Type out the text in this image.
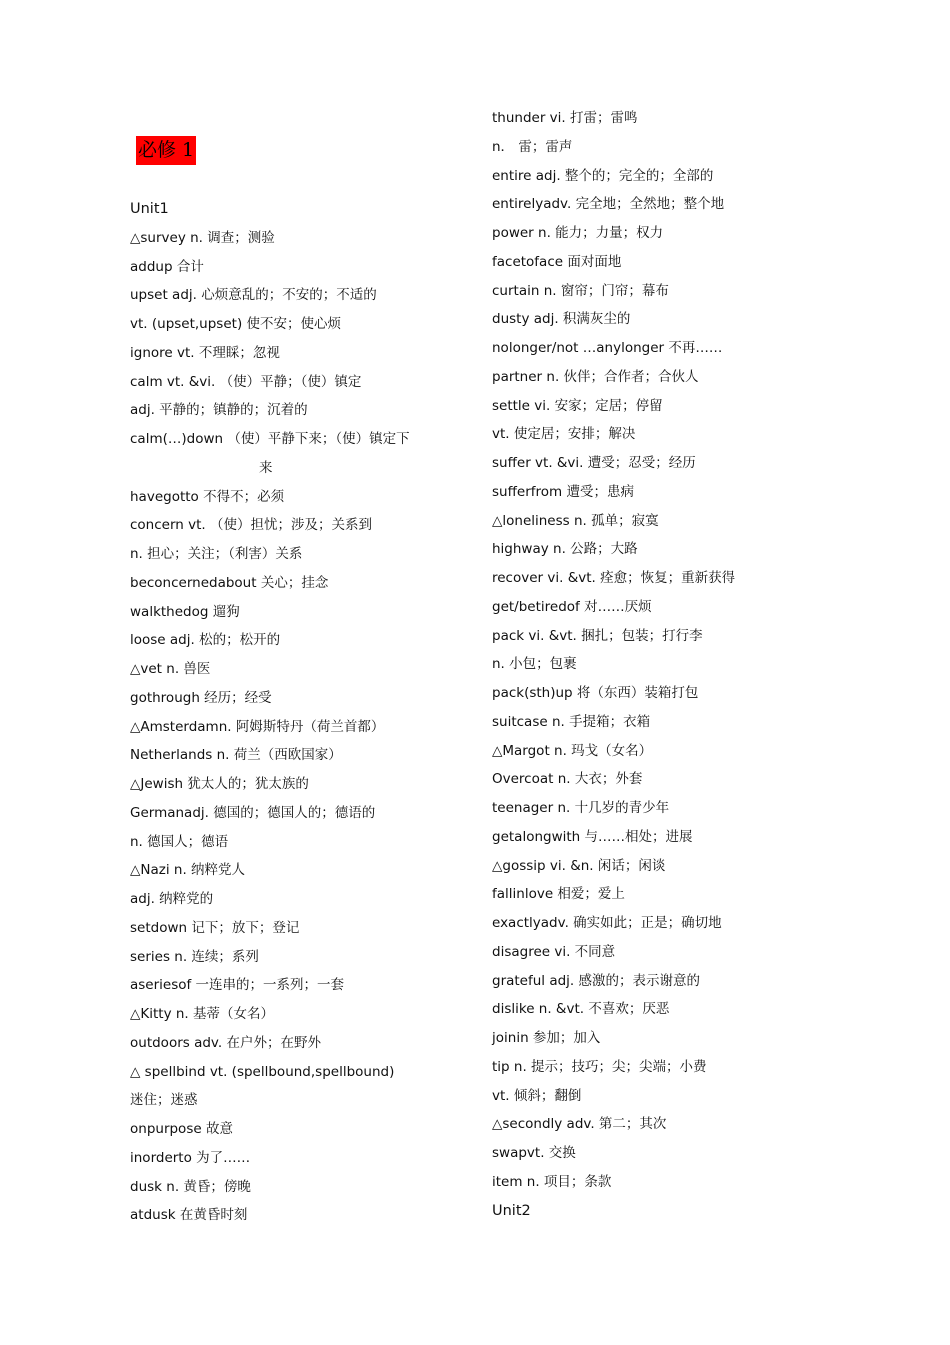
必修 1
Unit1
△survey n. 调查；测验
addup 合计
upset adj. 心烦意乱的；不安的；不适的
vt. (upset,upset) 使不安；使心烦
ignore vt. 不理睬；忽视
calm vt. &vi. （使）平静；（使）镇定
adj. 平静的；镇静的；沉着的
calm(…)down （使）平静下来；（使）镇定下
来
havegotto 不得不；必须
concern vt. （使）担忧；涉及；关系到
n. 担心；关注；（利害）关系
beconcernedabout 关心；挂念
walkthedog 遛狗
loose adj. 松的；松开的
△vet n. 兽医
gothrough 经历；经受
△Amsterdamn. 阿姆斯特丹（荷兰首都）
Netherlands n. 荷兰（西欧国家）
△Jewish 犹太人的；犹太族的
Germanadj. 德国的；德国人的；德语的
n. 德国人；德语
△Nazi n. 纳粹党人
adj. 纳粹党的
setdown 记下；放下；登记
series n. 连续；系列
aseriesof 一连串的；一系列；一套
△Kitty n. 基蒂（女名）
outdoors adv. 在户外；在野外
△ spellbind vt. (spellbound,spellbound)
迷住；迷惑
onpurpose 故意
inorderto 为了……
dusk n. 黄昏；傍晚
atdusk 在黄昏时刻
thunder vi. 打雷；雷鸣
n． 雷；雷声
entire adj. 整个的；完全的；全部的
entirelyadv. 完全地；全然地；整个地
power n. 能力；力量；权力
facetoface 面对面地
curtain n. 窗帘；门帘；幕布
dusty adj. 积满灰尘的
nolonger/not …anylonger 不再……
partner n. 伙伴；合作者；合伙人
settle vi. 安家；定居；停留
vt. 使定居；安排；解决
suffer vt. &vi. 遭受；忍受；经历
sufferfrom 遭受；患病
△loneliness n. 孤单；寂寞
highway n. 公路；大路
recover vi. &vt. 痊愈；恢复；重新获得
get/betiredof 对……厌烦
pack vi. &vt. 捆扎；包装；打行李
n. 小包；包裹
pack(sth)up 将（东西）装箱打包
suitcase n. 手提箱；衣箱
△Margot n. 玛戈（女名）
Overcoat n. 大衣；外套
teenager n. 十几岁的青少年
getalongwith 与……相处；进展
△gossip vi. &n. 闲话；闲谈
fallinlove 相爱；爱上
exactlyadv. 确实如此；正是；确切地
disagree vi. 不同意
grateful adj. 感激的；表示谢意的
dislike n. &vt. 不喜欢；厌恶
joinin 参加；加入
tip n. 提示；技巧；尖；尖端；小费
vt. 倾斜；翻倒
△secondly adv. 第二；其次
swapvt. 交换
item n. 项目；条款
Unit2
